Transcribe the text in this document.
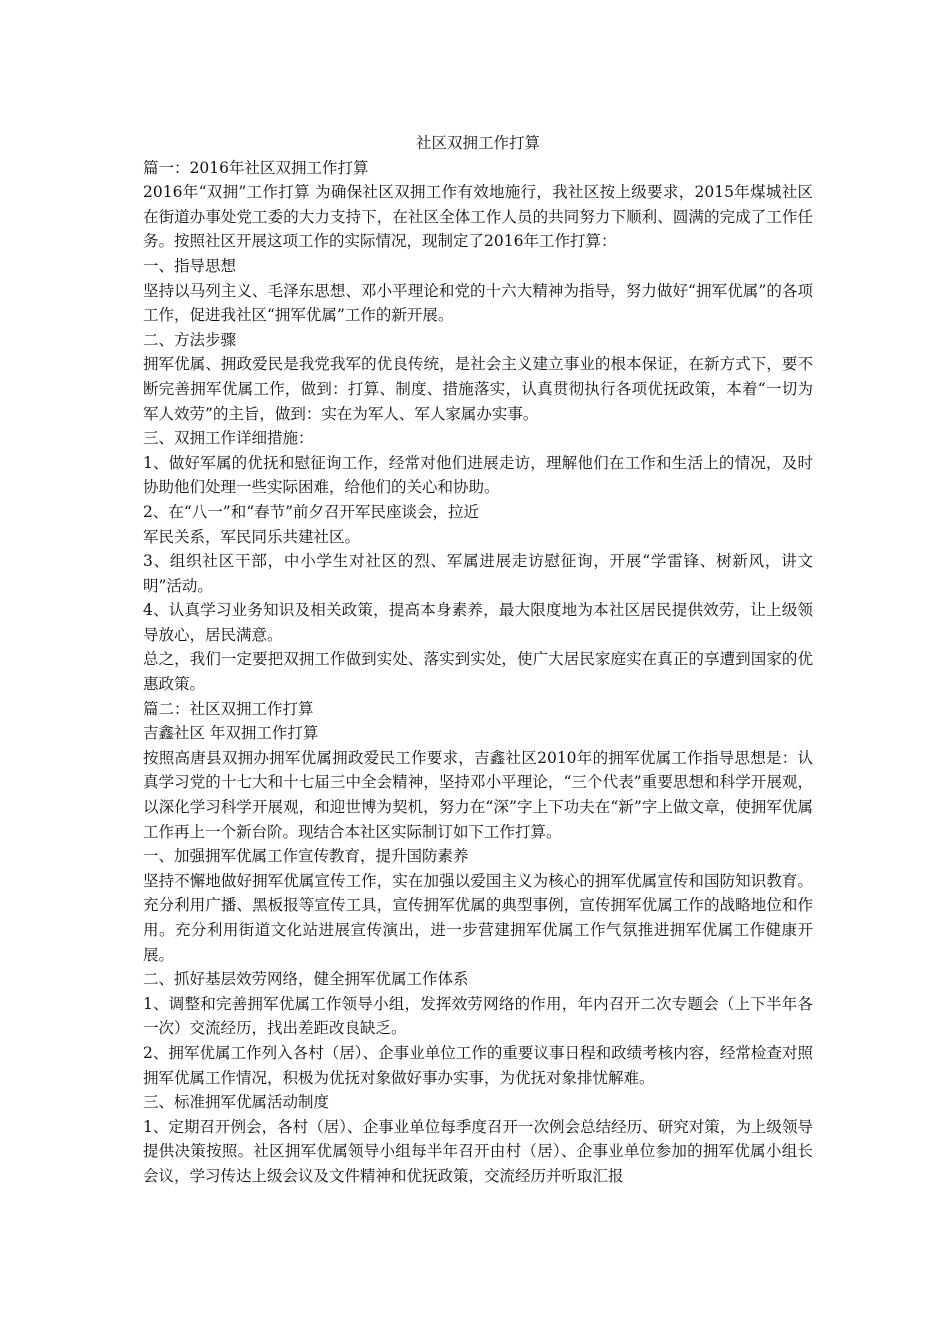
社区双拥工作打算

篇一：2016年社区双拥工作打算

2016年“双拥”工作打算 为确保社区双拥工作有效地施行，我社区按上级要求，2015年煤城社区在街道办事处党工委的大力支持下，在社区全体工作人员的共同努力下顺利、圆满的完成了工作任务。按照社区开展这项工作的实际情况，现制定了2016年工作打算：

一、指导思想

坚持以马列主义、毛泽东思想、邓小平理论和党的十六大精神为指导，努力做好“拥军优属”的各项工作，促进我社区“拥军优属”工作的新开展。

二、方法步骤

拥军优属、拥政爱民是我党我军的优良传统，是社会主义建立事业的根本保证，在新方式下，要不断完善拥军优属工作，做到：打算、制度、措施落实，认真贯彻执行各项优抚政策，本着“一切为军人效劳”的主旨，做到：实在为军人、军人家属办实事。

三、双拥工作详细措施：

1、做好军属的优抚和慰征询工作，经常对他们进展走访，理解他们在工作和生活上的情况，及时协助他们处理一些实际困难，给他们的关心和协助。

2、在“八一”和“春节”前夕召开军民座谈会，拉近

军民关系，军民同乐共建社区。

3、组织社区干部，中小学生对社区的烈、军属进展走访慰征询，开展“学雷锋、树新风，讲文明”活动。

4、认真学习业务知识及相关政策，提高本身素养，最大限度地为本社区居民提供效劳，让上级领导放心，居民满意。

总之，我们一定要把双拥工作做到实处、落实到实处，使广大居民家庭实在真正的享遭到国家的优惠政策。

篇二：社区双拥工作打算

吉鑫社区 年双拥工作打算

按照高唐县双拥办拥军优属拥政爱民工作要求，吉鑫社区2010年的拥军优属工作指导思想是：认真学习党的十七大和十七届三中全会精神，坚持邓小平理论，“三个代表”重要思想和科学开展观，以深化学习科学开展观，和迎世博为契机，努力在“深”字上下功夫在“新”字上做文章，使拥军优属工作再上一个新台阶。现结合本社区实际制订如下工作打算。

一、加强拥军优属工作宣传教育，提升国防素养

坚持不懈地做好拥军优属宣传工作，实在加强以爱国主义为核心的拥军优属宣传和国防知识教育。充分利用广播、黑板报等宣传工具，宣传拥军优属的典型事例，宣传拥军优属工作的战略地位和作用。充分利用街道文化站进展宣传演出，进一步营建拥军优属工作气氛推进拥军优属工作健康开展。

二、抓好基层效劳网络，健全拥军优属工作体系

1、调整和完善拥军优属工作领导小组，发挥效劳网络的作用，年内召开二次专题会（上下半年各一次）交流经历，找出差距改良缺乏。

2、拥军优属工作列入各村（居）、企事业单位工作的重要议事日程和政绩考核内容，经常检查对照拥军优属工作情况，积极为优抚对象做好事办实事，为优抚对象排忧解难。

三、标准拥军优属活动制度

1、定期召开例会，各村（居）、企事业单位每季度召开一次例会总结经历、研究对策，为上级领导提供决策按照。社区拥军优属领导小组每半年召开由村（居）、企事业单位参加的拥军优属小组长会议，学习传达上级会议及文件精神和优抚政策，交流经历并听取汇报
